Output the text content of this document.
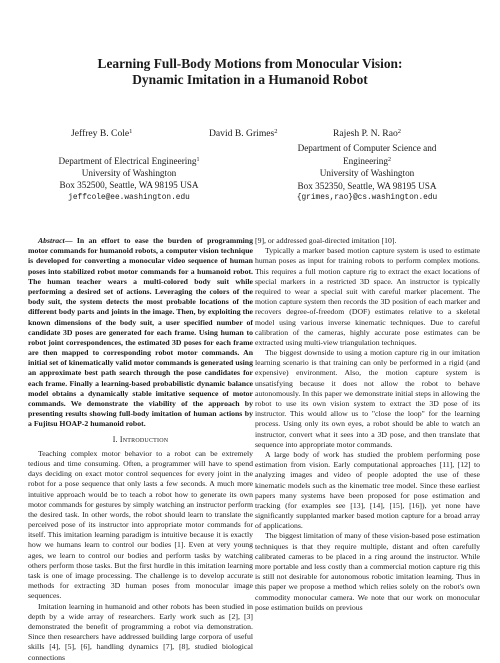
Learning Full-Body Motions from Monocular Vision:
Dynamic Imitation in a Humanoid Robot
Jeffrey B. Cole$^1$	David B. Grimes$^2$	Rajesh P. N. Rao$^2$
Department of Electrical Engineering$^1$
University of Washington
Box 352500, Seattle, WA 98195 USA
jeffcole@ee.washington.edu
Department of Computer Science and
Engineering$^2$
University of Washington
Box 352350, Seattle, WA 98195 USA
{grimes,rao}@cs.washington.edu

Abstract— In an effort to ease the burden of programming motor commands for humanoid robots, a computer vision technique is developed for converting a monocular video sequence of human poses into stabilized robot motor commands for a humanoid robot. The human teacher wears a multi-colored body suit while performing a desired set of actions. Leveraging the colors of the body suit, the system detects the most probable locations of the different body parts and joints in the image. Then, by exploiting the known dimensions of the body suit, a user specified number of candidate 3D poses are generated for each frame. Using human to robot joint correspondences, the estimated 3D poses for each frame are then mapped to corresponding robot motor commands. An initial set of kinematically valid motor commands is generated using an approximate best path search through the pose candidates for each frame. Finally a learning-based probabilistic dynamic balance model obtains a dynamically stable imitative sequence of motor commands. We demonstrate the viability of the approach by presenting results showing full-body imitation of human actions by a Fujitsu HOAP-2 humanoid robot.

I. Introduction

Teaching complex motor behavior to a robot can be extremely tedious and time consuming. Often, a programmer will have to spend days deciding on exact motor control sequences for every joint in the robot for a pose sequence that only lasts a few seconds. A much more intuitive approach would be to teach a robot how to generate its own motor commands for gestures by simply watching an instructor perform the desired task. In other words, the robot should learn to translate the perceived pose of its instructor into appropriate motor commands for itself. This imitation learning paradigm is intuitive because it is exactly how we humans learn to control our bodies [1]. Even at very young ages, we learn to control our bodies and perform tasks by watching others perform those tasks. But the first hurdle in this imitation learning task is one of image processing. The challenge is to develop accurate methods for extracting 3D human poses from monocular image sequences.

Imitation learning in humanoid and other robots has been studied in depth by a wide array of researchers. Early work such as [2], [3] demonstrated the benefit of programming a robot via demonstration. Since then researchers have addressed building large corpora of useful skills [4], [5], [6], handling dynamics [7], [8], studied biological connections

[9], or addressed goal-directed imitation [10].

Typically a marker based motion capture system is used to estimate human poses as input for training robots to perform complex motions. This requires a full motion capture rig to extract the exact locations of special markers in a restricted 3D space. An instructor is typically required to wear a special suit with careful marker placement. The motion capture system then records the 3D position of each marker and recovers degree-of-freedom (DOF) estimates relative to a skeletal model using various inverse kinematic techniques. Due to careful calibration of the cameras, highly accurate pose estimates can be extracted using multi-view triangulation techniques.

The biggest downside to using a motion capture rig in our imitation learning scenario is that training can only be performed in a rigid (and expensive) environment. Also, the motion capture system is unsatisfying because it does not allow the robot to behave autonomously. In this paper we demonstrate initial steps in allowing the robot to use its own vision system to extract the 3D pose of its instructor. This would allow us to "close the loop" for the learning process. Using only its own eyes, a robot should be able to watch an instructor, convert what it sees into a 3D pose, and then translate that sequence into appropriate motor commands.

A large body of work has studied the problem performing pose estimation from vision. Early computational approaches [11], [12] to analyzing images and video of people adopted the use of these kinematic models such as the kinematic tree model. Since these earliest papers many systems have been proposed for pose estimation and tracking (for examples see [13], [14], [15], [16]), yet none have significantly supplanted marker based motion capture for a broad array of applications.

The biggest limitation of many of these vision-based pose estimation techniques is that they require multiple, distant and often carefully calibrated cameras to be placed in a ring around the instructor. While more portable and less costly than a commercial motion capture rig this is still not desirable for autonomous robotic imitation learning. Thus in this paper we propose a method which relies solely on the robot's own commodity monocular camera. We note that our work on monocular pose estimation builds on previous
